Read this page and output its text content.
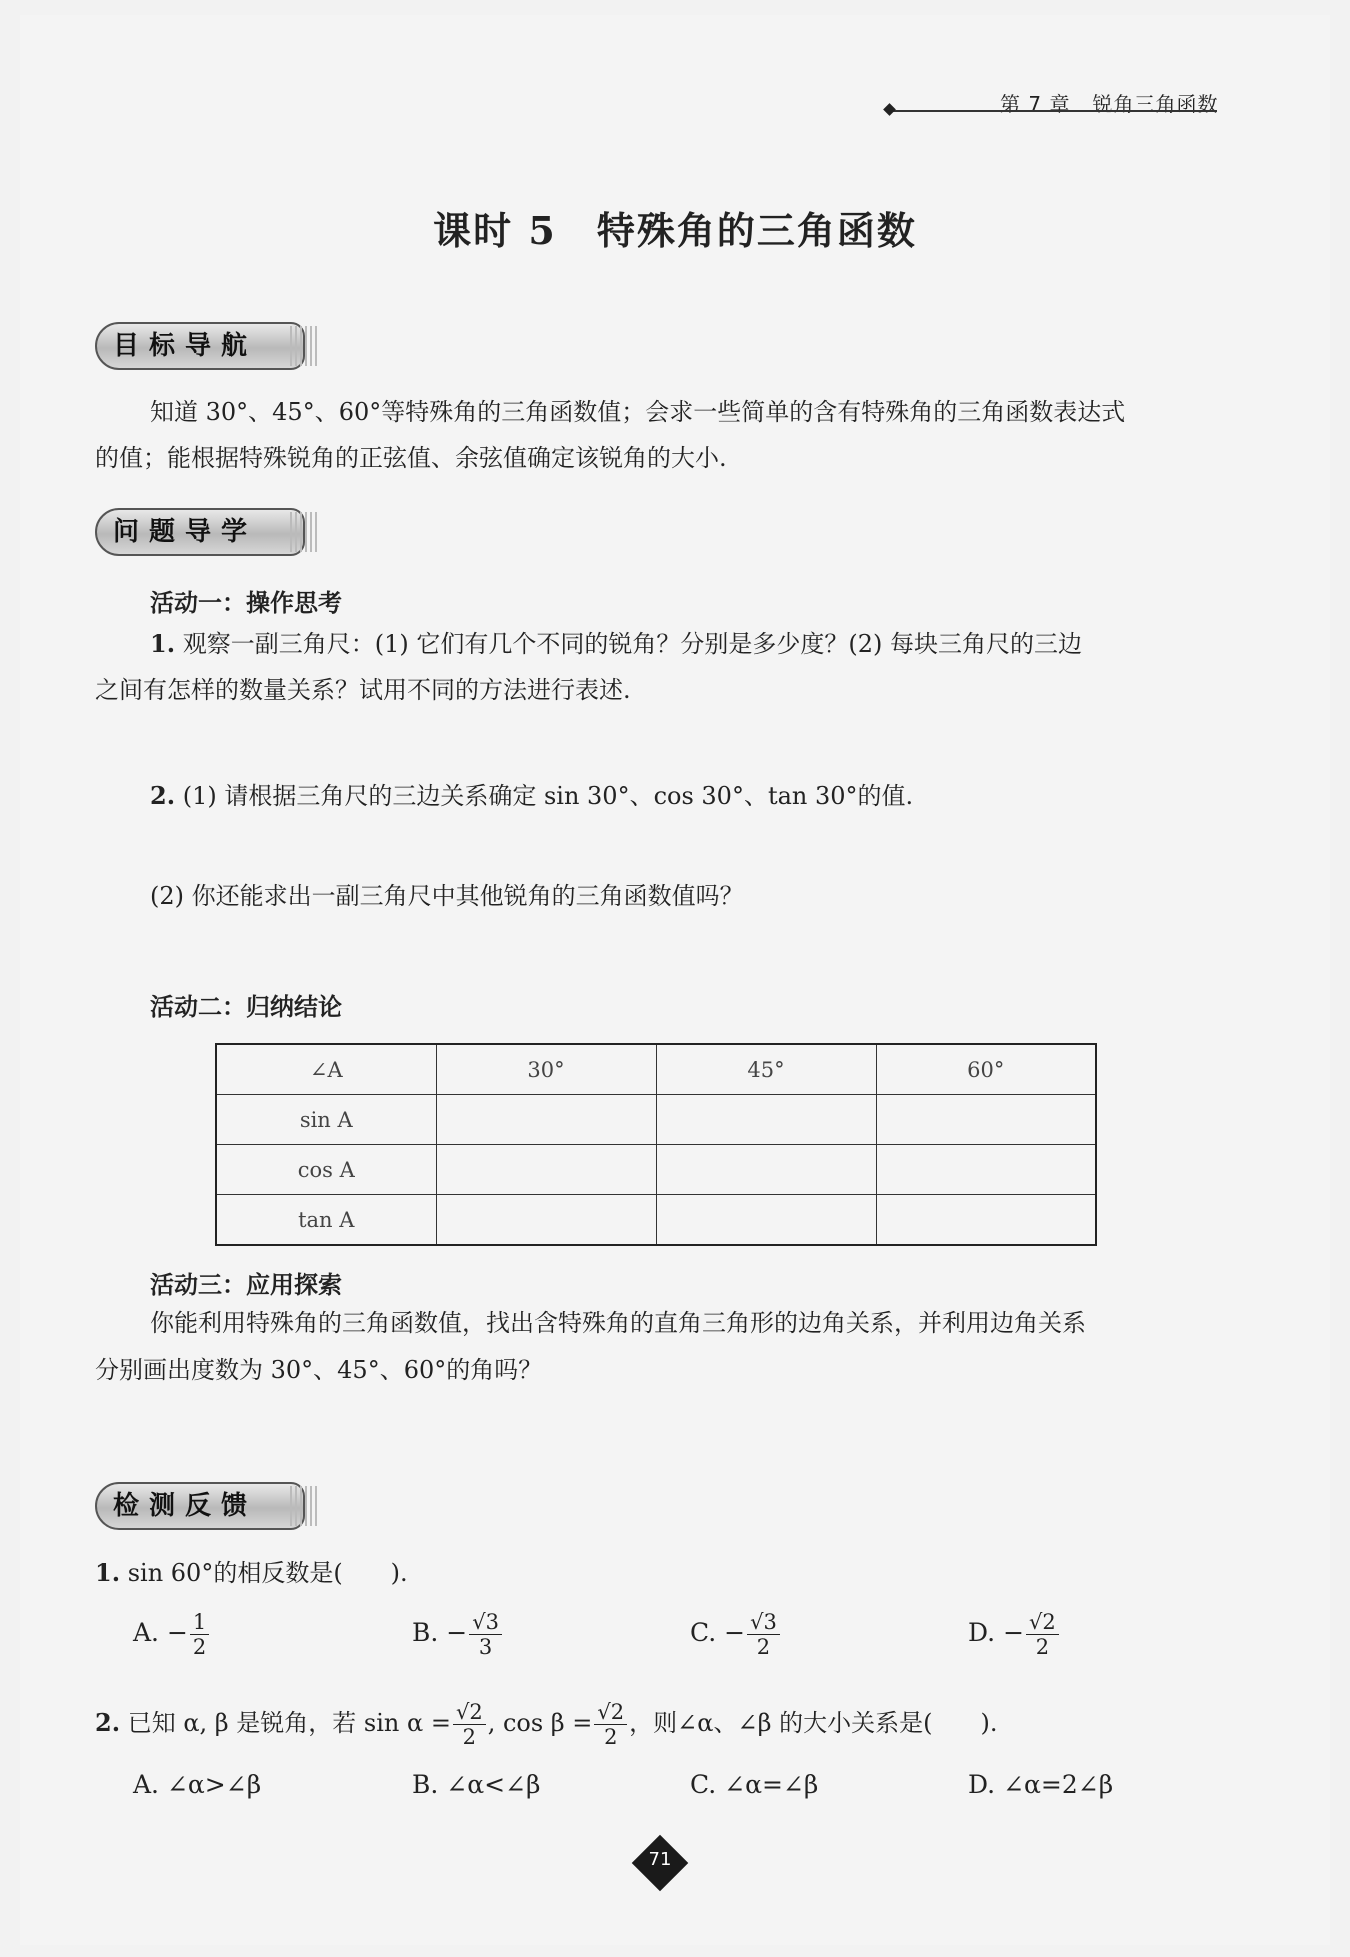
第 7 章 锐角三角函数
课时 5　特殊角的三角函数
目标导航
知道 30°、45°、60°等特殊角的三角函数值；会求一些简单的含有特殊角的三角函数表达式
的值；能根据特殊锐角的正弦值、余弦值确定该锐角的大小.
问题导学
活动一：操作思考
1. 观察一副三角尺：(1) 它们有几个不同的锐角？分别是多少度？(2) 每块三角尺的三边
之间有怎样的数量关系？试用不同的方法进行表述.
2. (1) 请根据三角尺的三边关系确定 sin 30°、cos 30°、tan 30°的值.
(2) 你还能求出一副三角尺中其他锐角的三角函数值吗？
活动二：归纳结论
∠A	30°	45°	60°
sin A			
cos A			
tan A			
活动三：应用探索
你能利用特殊角的三角函数值，找出含特殊角的直角三角形的边角关系，并利用边角关系
分别画出度数为 30°、45°、60°的角吗？
检测反馈
1. sin 60°的相反数是(　　).
A. − $\frac{1}{2}$	B. − $\frac{√3}{3}$	C. − $\frac{√3}{2}$	D. − $\frac{√2}{2}$
2. 已知 α, β 是锐角，若 $\sin \alpha = \frac{√2}{2}$ , $\cos \beta = \frac{√2}{2}$ ，则∠α、∠β 的大小关系是(　　).
A. ∠α>∠β	B. ∠α<∠β	C. ∠α=∠β	D. ∠α=2∠β
71
